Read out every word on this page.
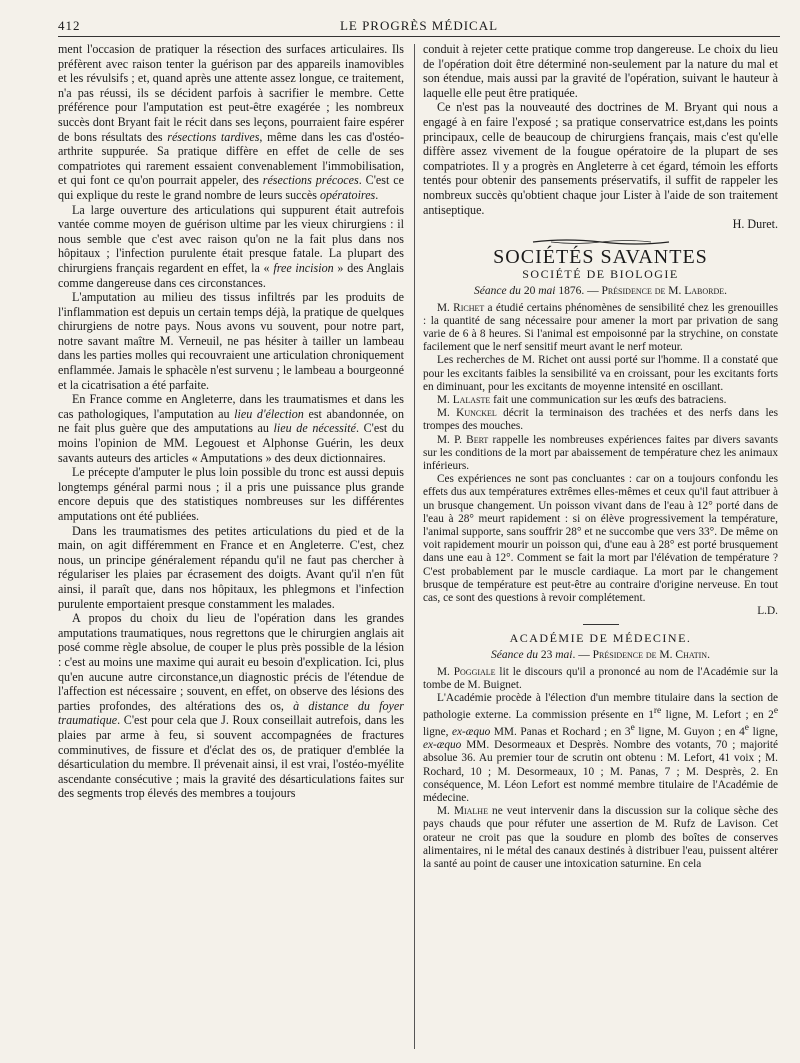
412	LE PROGRÈS MÉDICAL

ment l'occasion de pratiquer la résection des surfaces articulaires. Ils préfèrent avec raison tenter la guérison par des appareils inamovibles et les révulsifs ; et, quand après une attente assez longue, ce traitement, n'a pas réussi, ils se décident parfois à sacrifier le membre. Cette préférence pour l'amputation est peut-être exagérée ; les nombreux succès dont Bryant fait le récit dans ses leçons, pourraient faire espérer de bons résultats des résections tardives, même dans les cas d'ostéo-arthrite suppurée. Sa pratique diffère en effet de celle de ses compatriotes qui rarement essaient convenablement l'immobilisation, et qui font ce qu'on pourrait appeler, des résections précoces. C'est ce qui explique du reste le grand nombre de leurs succès opératoires.

La large ouverture des articulations qui suppurent était autrefois vantée comme moyen de guérison ultime par les vieux chirurgiens : il nous semble que c'est avec raison qu'on ne la fait plus dans nos hôpitaux ; l'infection purulente était presque fatale. La plupart des chirurgiens français regardent en effet, la « free incision » des Anglais comme dangereuse dans ces circonstances.

L'amputation au milieu des tissus infiltrés par les produits de l'inflammation est depuis un certain temps déjà, la pratique de quelques chirurgiens de notre pays. Nous avons vu souvent, pour notre part, notre savant maître M. Verneuil, ne pas hésiter à tailler un lambeau dans les parties molles qui recouvraient une articulation chroniquement enflammée. Jamais le sphacèle n'est survenu ; le lambeau a bourgeonné et la cicatrisation a été parfaite.

En France comme en Angleterre, dans les traumatismes et dans les cas pathologiques, l'amputation au lieu d'élection est abandonnée, on ne fait plus guère que des amputations au lieu de nécessité. C'est du moins l'opinion de MM. Legouest et Alphonse Guérin, les deux savants auteurs des articles « Amputations » des deux dictionnaires.

Le précepte d'amputer le plus loin possible du tronc est aussi depuis longtemps général parmi nous ; il a pris une puissance plus grande encore depuis que des statistiques nombreuses sur les différentes amputations ont été publiées.

Dans les traumatismes des petites articulations du pied et de la main, on agit différemment en France et en Angleterre. C'est, chez nous, un principe généralement répandu qu'il ne faut pas chercher à régulariser les plaies par écrasement des doigts. Avant qu'il n'en fût ainsi, il paraît que, dans nos hôpitaux, les phlegmons et l'infection purulente emportaient presque constamment les malades.

A propos du choix du lieu de l'opération dans les grandes amputations traumatiques, nous regrettons que le chirurgien anglais ait posé comme règle absolue, de couper le plus près possible de la lésion : c'est au moins une maxime qui aurait eu besoin d'explication. Ici, plus qu'en aucune autre circonstance,un diagnostic précis de l'étendue de l'affection est nécessaire ; souvent, en effet, on observe des lésions des parties profondes, des altérations des os, à distance du foyer traumatique. C'est pour cela que J. Roux conseillait autrefois, dans les plaies par arme à feu, si souvent accompagnées de fractures comminutives, de fissure et d'éclat des os, de pratiquer d'emblée la désarticulation du membre. Il prévenait ainsi, il est vrai, l'ostéo-myélite ascendante consécutive ; mais la gravité des désarticulations faites sur des segments trop élevés des membres a toujours

conduit à rejeter cette pratique comme trop dangereuse. Le choix du lieu de l'opération doit être déterminé non-seulement par la nature du mal et son étendue, mais aussi par la gravité de l'opération, suivant le hauteur à laquelle elle peut être pratiquée.

Ce n'est pas la nouveauté des doctrines de M. Bryant qui nous a engagé à en faire l'exposé ; sa pratique conservatrice est,dans les points principaux, celle de beaucoup de chirurgiens français, mais c'est qu'elle diffère assez vivement de la fougue opératoire de la plupart de ses compatriotes. Il y a progrès en Angleterre à cet égard, témoin les efforts tentés pour obtenir des pansements préservatifs, il suffit de rappeler les nombreux succès qu'obtient chaque jour Lister à l'aide de son traitement antiseptique.

H. Duret.

SOCIÉTÉS SAVANTES
SOCIÉTÉ DE BIOLOGIE
Séance du 20 mai 1876. — Présidence de M. Laborde.

M. Richet a étudié certains phénomènes de sensibilité chez les grenouilles : la quantité de sang nécessaire pour amener la mort par privation de sang varie de 6 à 8 heures. Si l'animal est empoisonné par la strychine, on constate facilement que le nerf sensitif meurt avant le nerf moteur.

Les recherches de M. Richet ont aussi porté sur l'homme. Il a constaté que pour les excitants faibles la sensibilité va en croissant, pour les excitants forts en diminuant, pour les excitants de moyenne intensité en oscillant.

M. Lalaste fait une communication sur les œufs des batraciens.

M. Kunckel décrit la terminaison des trachées et des nerfs dans les trompes des mouches.

M. P. Bert rappelle les nombreuses expériences faites par divers savants sur les conditions de la mort par abaissement de température chez les animaux inférieurs.

Ces expériences ne sont pas concluantes : car on a toujours confondu les effets dus aux températures extrêmes elles-mêmes et ceux qu'il faut attribuer à un brusque changement. Un poisson vivant dans de l'eau à 12° porté dans de l'eau à 28° meurt rapidement : si on élève progressivement la température, l'animal supporte, sans souffrir 28° et ne succombe que vers 33°. De même on voit rapidement mourir un poisson qui, d'une eau à 28° est porté brusquement dans une eau à 12°. Comment se fait la mort par l'élévation de température ? C'est probablement par le muscle cardiaque. La mort par le changement brusque de température est peut-être au contraire d'origine nerveuse. En tout cas, ce sont des questions à revoir complétement.

L.D.

ACADÉMIE DE MÉDECINE.
Séance du 23 mai. — Présidence de M. Chatin.

M. Poggiale lit le discours qu'il a prononcé au nom de l'Académie sur la tombe de M. Buignet.

L'Académie procède à l'élection d'un membre titulaire dans la section de pathologie externe. La commission présente en 1re ligne, M. Lefort ; en 2e ligne, ex-æquo MM. Panas et Rochard ; en 3e ligne, M. Guyon ; en 4e ligne, ex-æquo MM. Desormeaux et Desprès. Nombre des votants, 70 ; majorité absolue 36. Au premier tour de scrutin ont obtenu : M. Lefort, 41 voix ; M. Rochard, 10 ; M. Desormeaux, 10 ; M. Panas, 7 ; M. Desprès, 2. En conséquence, M. Léon Lefort est nommé membre titulaire de l'Académie de médecine.

M. Mialhe ne veut intervenir dans la discussion sur la colique sèche des pays chauds que pour réfuter une assertion de M. Rufz de Lavison. Cet orateur ne croit pas que la soudure en plomb des boîtes de conserves alimentaires, ni le métal des canaux destinés à distribuer l'eau, puissent altérer la santé au point de causer une intoxication saturnine. En cela
